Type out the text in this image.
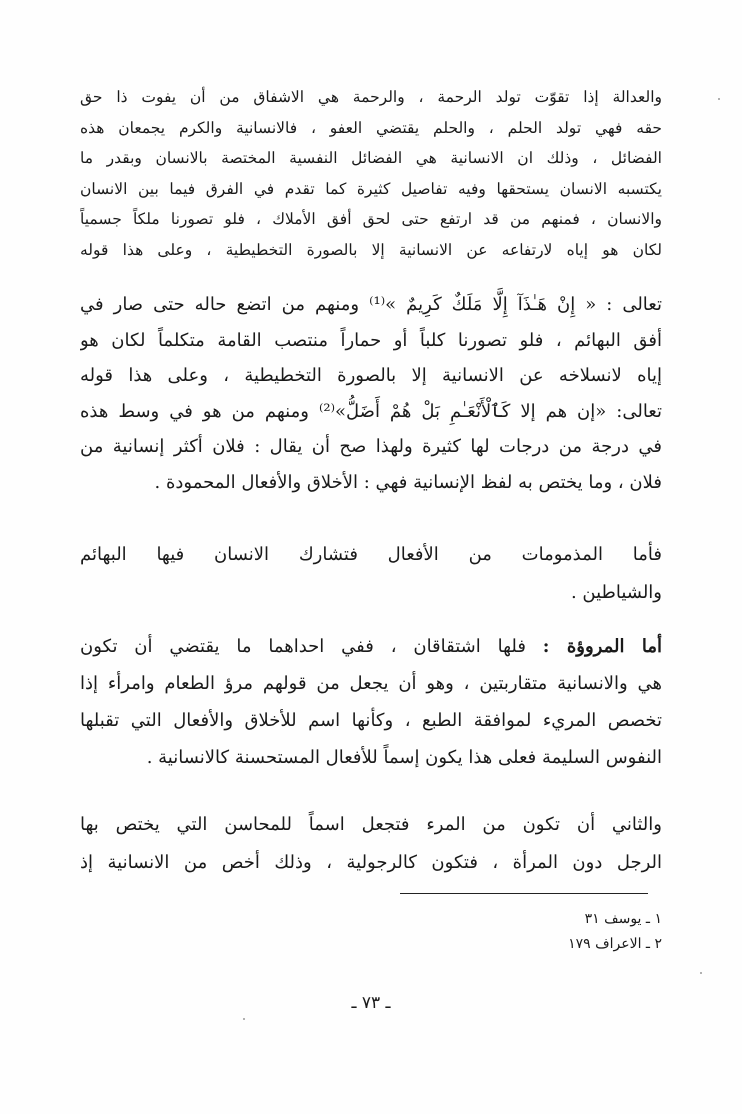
والعدالة إذا تقوّت تولد الرحمة ، والرحمة هي الاشفاق من أن يفوت ذا حق
حقه فهي تولد الحلم ، والحلم يقتضي العفو ، فالانسانية والكرم يجمعان هذه
الفضائل ، وذلك ان الانسانية هي الفضائل النفسية المختصة بالانسان وبقدر ما
يكتسبه الانسان يستحقها وفيه تفاصيل كثيرة كما تقدم في الفرق فيما بين الانسان
والانسان ، فمنهم من قد ارتفع حتى لحق أفق الأملاك ، فلو تصورنا ملكاً جسمياً
لكان هو إياه لارتفاعه عن الانسانية إلا بالصورة التخطيطية ، وعلى هذا قوله
تعالى : « إِنْ هَـٰذَآ إِلَّا مَلَكٌ كَرِيمٌ »⁽¹⁾ ومنهم من اتضع حاله حتى صار في
أفق البهائم ، فلو تصورنا كلباً أو حماراً منتصب القامة متكلماً لكان هو
إياه لانسلاخه عن الانسانية إلا بالصورة التخطيطية ، وعلى هذا قوله
تعالى: «إن هم إلا كَٱلْأَنْعَـٰمِ بَلْ هُمْ أَضَلُّ»⁽²⁾ ومنهم من هو في وسط هذه
في درجة من درجات لها كثيرة ولهذا صح أن يقال : فلان أكثر إنسانية من
فلان ، وما يختص به لفظ الإنسانية فهي : الأخلاق والأفعال المحمودة .
فأما المذمومات من الأفعال فتشارك الانسان فيها البهائم
والشياطين .
أما المروؤة : فلها اشتقاقان ، ففي احداهما ما يقتضي أن تكون
هي والانسانية متقاربتين ، وهو أن يجعل من قولهم مرؤ الطعام وامرأء إذا
تخصص المريء لموافقة الطبع ، وكأنها اسم للأخلاق والأفعال التي تقبلها
النفوس السليمة فعلى هذا يكون إسماً للأفعال المستحسنة كالانسانية .
والثاني أن تكون من المرء فتجعل اسماً للمحاسن التي يختص بها
الرجل دون المرأة ، فتكون كالرجولية ، وذلك أخص من الانسانية إذ
١ ـ يوسف ٣١
٢ ـ الاعراف ١٧٩
ـ ٧٣ ـ
